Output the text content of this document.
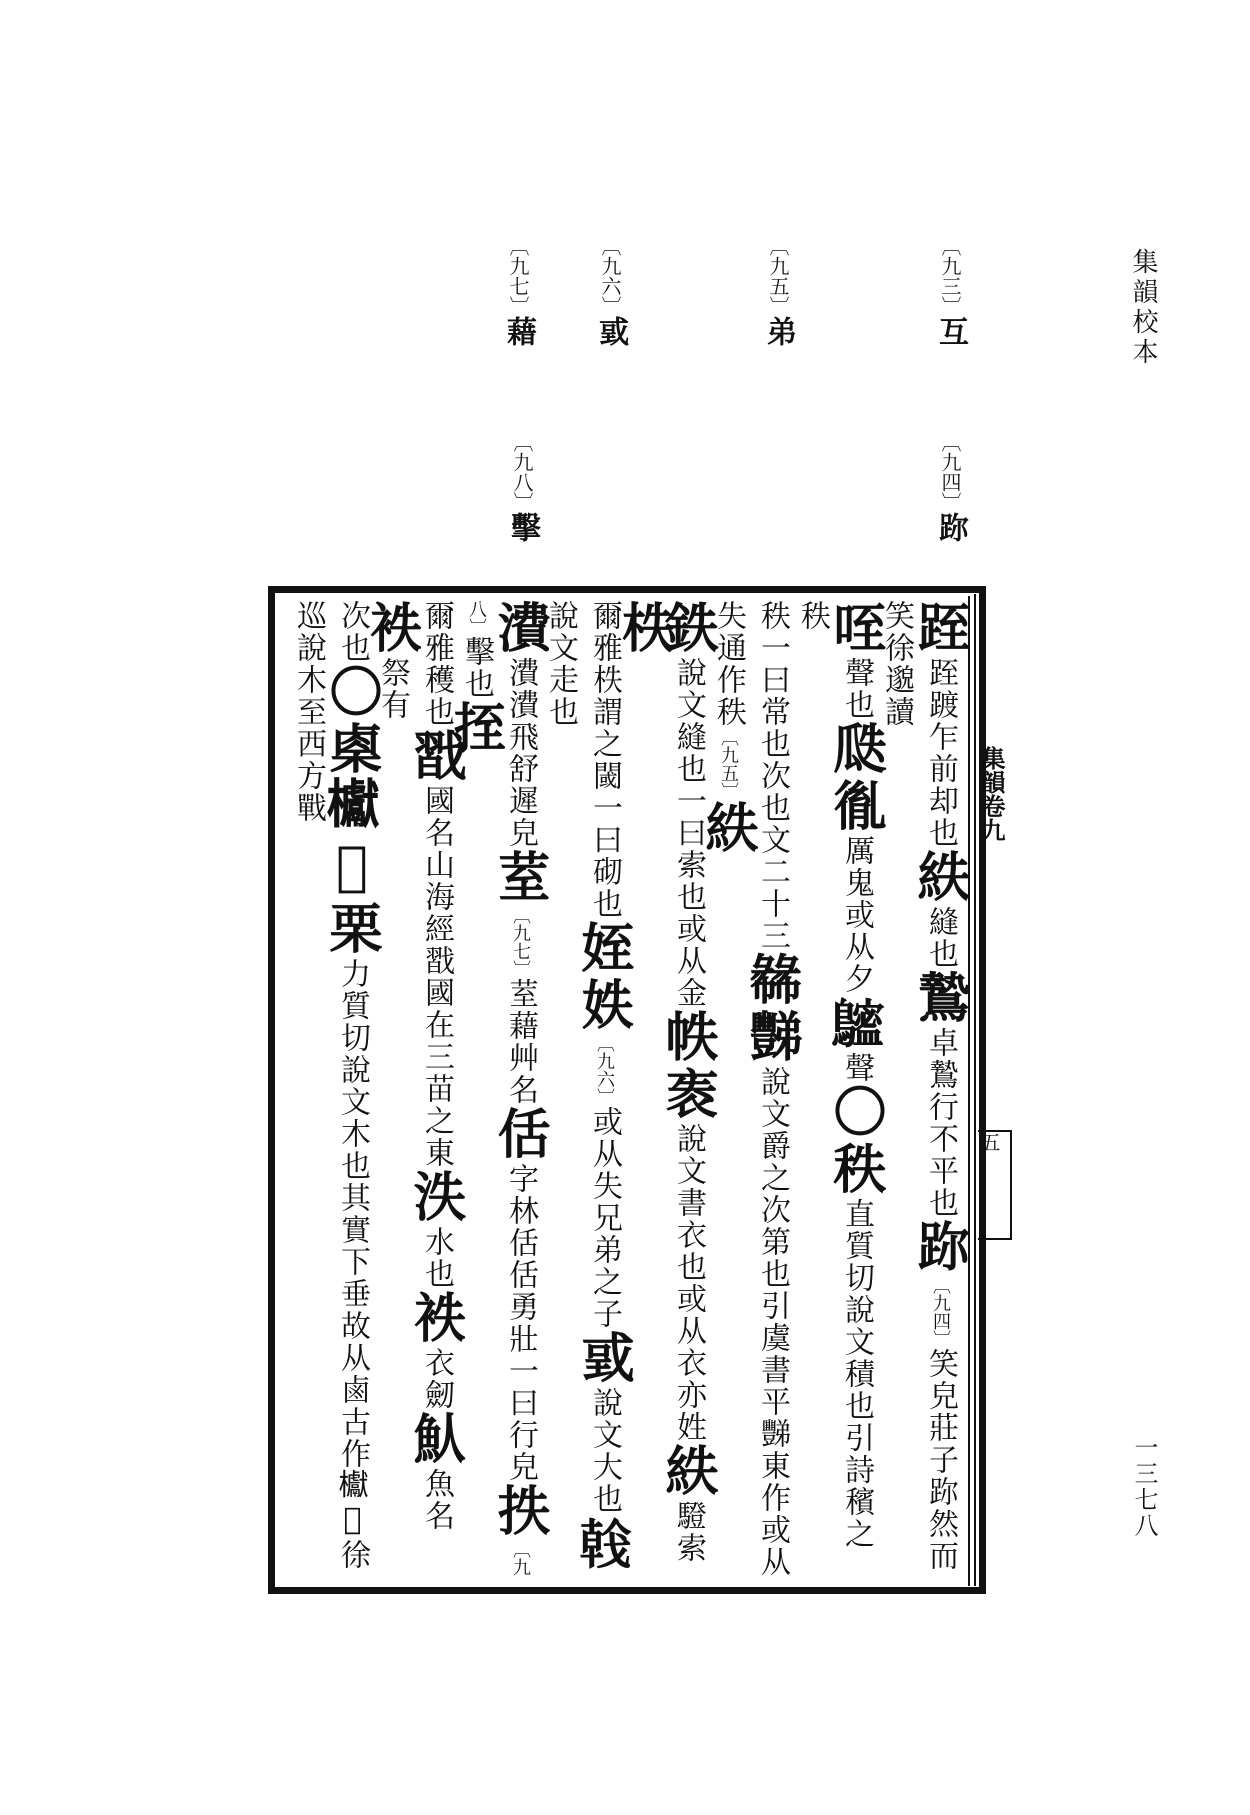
集韻校本
一三七八
〔九三〕互
〔九四〕䟢
〔九五〕弟
〔九六〕戜
〔九七〕藉
〔九八〕擊
集韻卷九
五
跮跮踱乍前却也紩縫也鷙卓鷙行不平也䟢〔九四〕笑皃莊子䟢然而笑徐邈讀
咥聲也瓞㣧厲鬼或从夕𪆮聲〇秩直質切說文積也引詩穦之秩
秩一曰常也次也文二十三㣈豒說文爵之次第也引虞書平豒東作或从失通作秩〔九五〕紩
鉄說文縫也一曰索也或从金帙袠說文書衣也或从衣亦姓紩䮴索柣
爾雅柣謂之閾一曰砌也姪妷〔九六〕或从失兄弟之子戜說文大也𢧢說文走也
㵒㵒㵒飛舒遲皃荎〔九七〕荎藉艸名佸字林佸佸勇壯一曰行皃抶〔九八〕擊也挃
爾雅穫也㦻國名山海經㦻國在三苗之東泆水也袟衣劒魜魚名袟祭有
次也〇㮚𣡌𣡲栗力質切說文木也其實下垂故从鹵古作𣡌𣡲徐巡說木至西方戰
